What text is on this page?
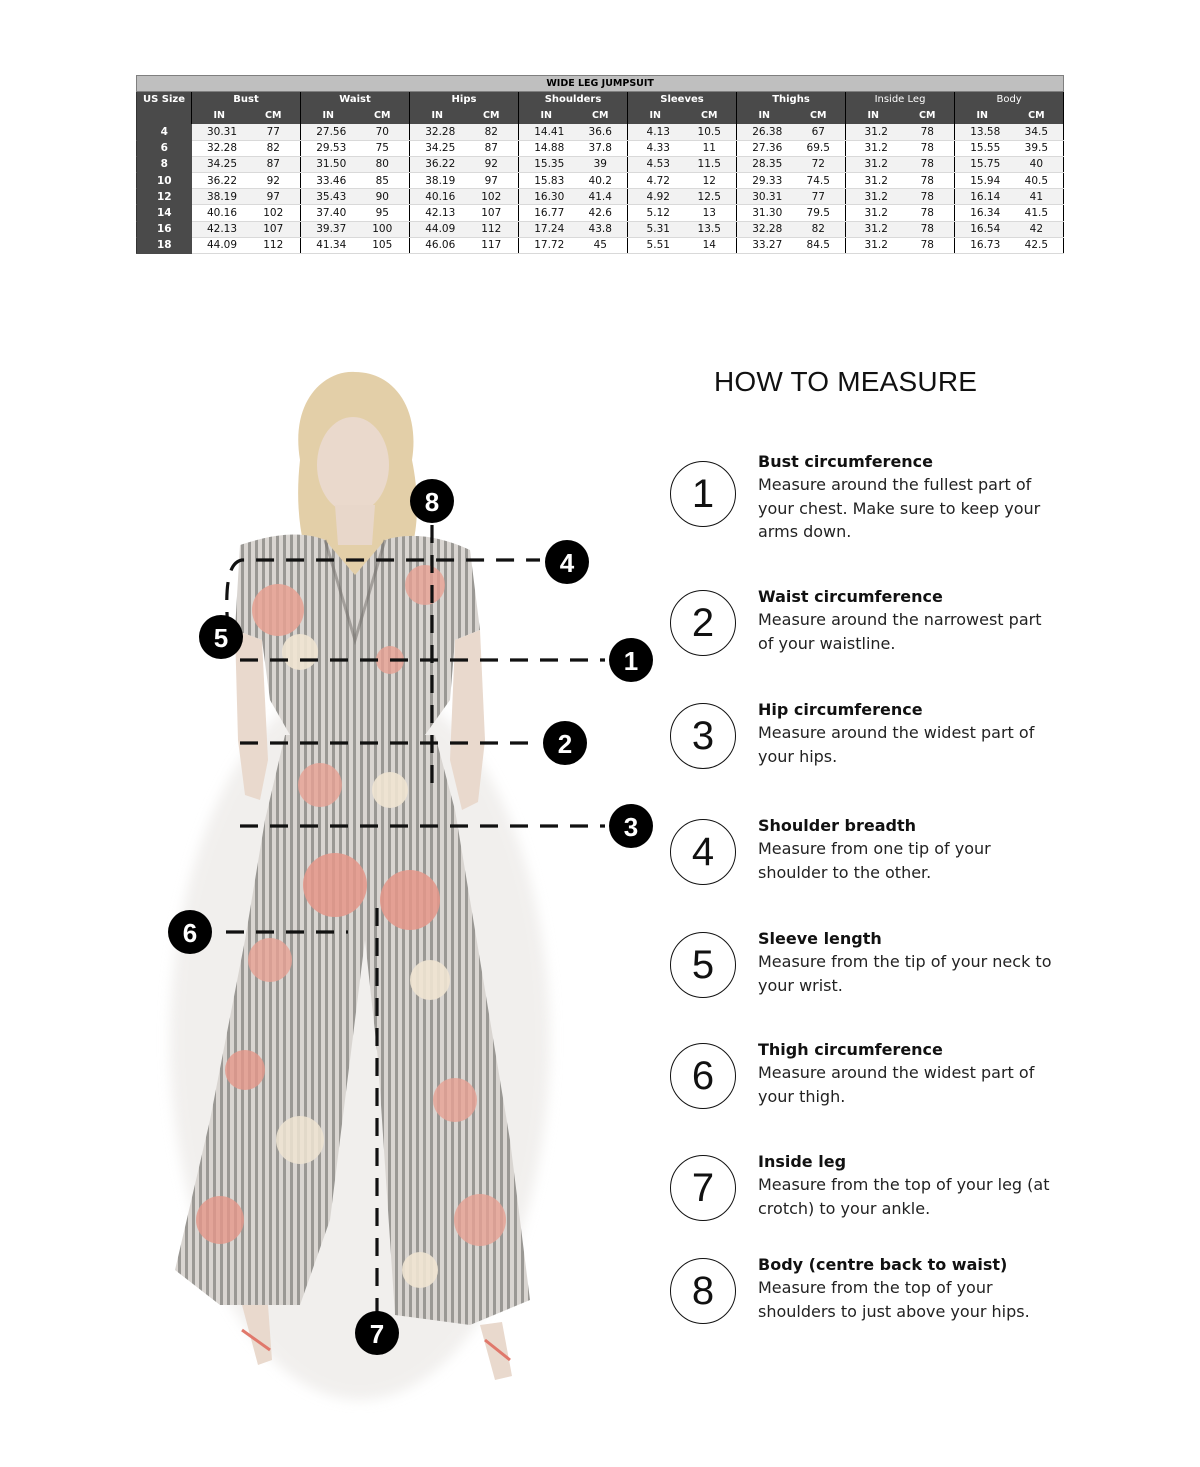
WIDE LEG JUMPSUIT																
US Size	Bust		Waist		Hips		Shoulders		Sleeves		Thighs		Inside Leg		Body	
	IN	CM	IN	CM	IN	CM	IN	CM	IN	CM	IN	CM	IN	CM	IN	CM
4	30.31	77	27.56	70	32.28	82	14.41	36.6	4.13	10.5	26.38	67	31.2	78	13.58	34.5
6	32.28	82	29.53	75	34.25	87	14.88	37.8	4.33	11	27.36	69.5	31.2	78	15.55	39.5
8	34.25	87	31.50	80	36.22	92	15.35	39	4.53	11.5	28.35	72	31.2	78	15.75	40
10	36.22	92	33.46	85	38.19	97	15.83	40.2	4.72	12	29.33	74.5	31.2	78	15.94	40.5
12	38.19	97	35.43	90	40.16	102	16.30	41.4	4.92	12.5	30.31	77	31.2	78	16.14	41
14	40.16	102	37.40	95	42.13	107	16.77	42.6	5.12	13	31.30	79.5	31.2	78	16.34	41.5
16	42.13	107	39.37	100	44.09	112	17.24	43.8	5.31	13.5	32.28	82	31.2	78	16.54	42
18	44.09	112	41.34	105	46.06	117	17.72	45	5.51	14	33.27	84.5	31.2	78	16.73	42.5
8
4
5
1
2
3
6
7
HOW TO MEASURE
1
Bust circumference
Measure around the fullest part of your chest. Make sure to keep your arms down.
2
Waist circumference
Measure around the narrowest part of your waistline.
3
Hip circumference
Measure around the widest part of your hips.
4
Shoulder breadth
Measure from one tip of your shoulder to the other.
5
Sleeve length
Measure from the tip of your neck to your wrist.
6
Thigh circumference
Measure around the widest part of your thigh.
7
Inside leg
Measure from the top of your leg (at crotch) to your ankle.
8
Body (centre back to waist)
Measure from the top of your shoulders to just above your hips.
